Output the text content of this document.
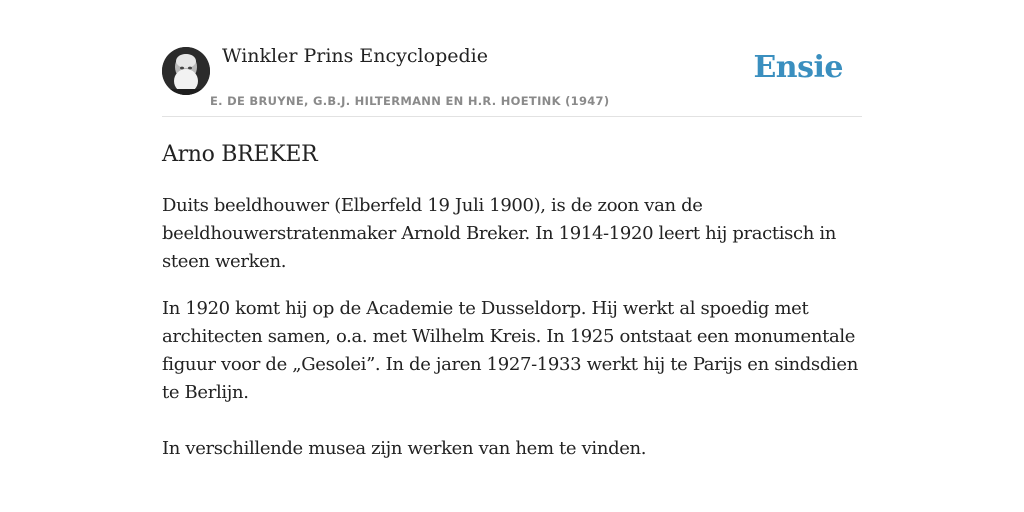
Winkler Prins Encyclopedie
E. DE BRUYNE, G.B.J. HILTERMANN EN H.R. HOETINK (1947)
Ensie
Arno BREKER

Duits beeldhouwer (Elberfeld 19 Juli 1900), is de zoon van de beeldhouwerstratenmaker Arnold Breker. In 1914-1920 leert hij practisch in steen werken.

In 1920 komt hij op de Academie te Dusseldorp. Hij werkt al spoedig met architecten samen, o.a. met Wilhelm Kreis. In 1925 ontstaat een monumentale figuur voor de „Gesolei”. In de jaren 1927-1933 werkt hij te Parijs en sindsdien te Berlijn.

In verschillende musea zijn werken van hem te vinden.
